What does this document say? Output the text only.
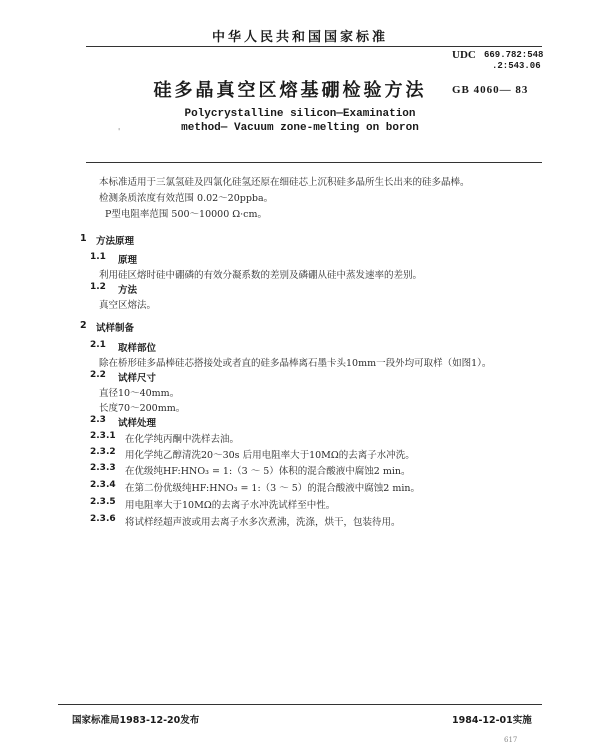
中华人民共和国国家标准
UDC 669.782:548
.2:543.06
GB 4060— 83
硅多晶真空区熔基硼检验方法
Polycrystalline silicon—Examination
method— Vacuum zone-melting on boron
'
本标准适用于三氯氢硅及四氯化硅氢还原在细硅芯上沉积硅多晶所生长出来的硅多晶棒。
检测条质浓度有效范围 0.02～20ppba。
P型电阻率范围 500～10000 Ω·cm。
1 方法原理
1.1 原理
利用硅区熔时硅中硼磷的有效分凝系数的差别及磷硼从硅中蒸发速率的差别。
1.2 方法
真空区熔法。
2 试样制备
2.1 取样部位
除在桥形硅多晶棒硅芯搭接处或者直的硅多晶棒离石墨卡头10mm一段外均可取样（如图1）。
2.2 试样尺寸
直径10～40mm。
长度70～200mm。
2.3 试样处理
2.3.1 在化学纯丙酮中洗样去油。
2.3.2 用化学纯乙醇清洗20～30s 后用电阻率大于10MΩ的去离子水冲洗。
2.3.3 在优级纯HF:HNO₃ = 1:（3 ～ 5）体积的混合酸液中腐蚀2 min。
2.3.4 在第二份优级纯HF:HNO₃ = 1:（3 ～ 5）的混合酸液中腐蚀2 min。
2.3.5 用电阻率大于10MΩ的去离子水冲洗试样至中性。
2.3.6 将试样经超声波或用去离子水多次煮沸，洗涤，烘干，包装待用。
国家标准局1983-12-20发布	1984-12-01实施
617
